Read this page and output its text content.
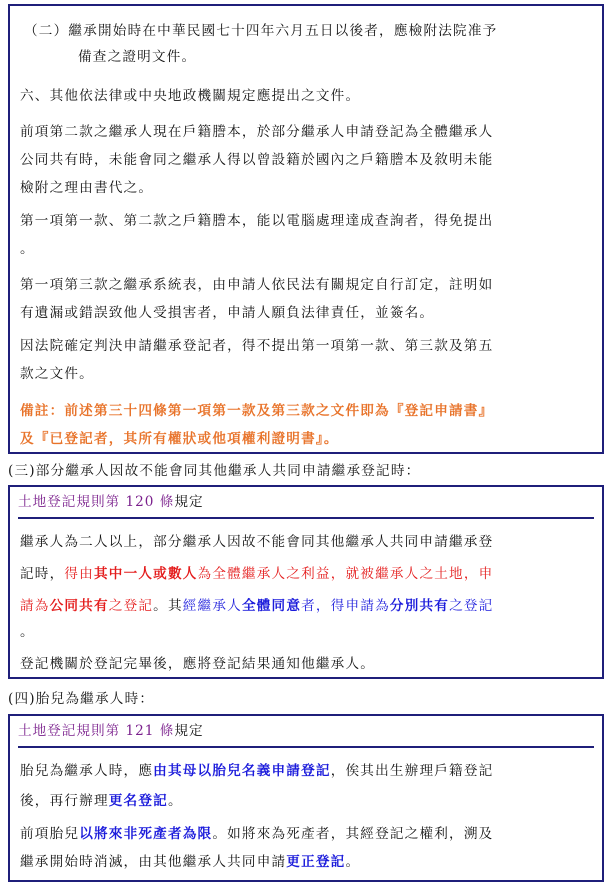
（二）繼承開始時在中華民國七十四年六月五日以後者，應檢附法院准予
備查之證明文件。
六、其他依法律或中央地政機關規定應提出之文件。
前項第二款之繼承人現在戶籍謄本，於部分繼承人申請登記為全體繼承人
公同共有時，未能會同之繼承人得以曾設籍於國內之戶籍謄本及敘明未能
檢附之理由書代之。
第一項第一款、第二款之戶籍謄本，能以電腦處理達成查詢者，得免提出
。
第一項第三款之繼承系統表，由申請人依民法有關規定自行訂定，註明如
有遺漏或錯誤致他人受損害者，申請人願負法律責任，並簽名。
因法院確定判決申請繼承登記者，得不提出第一項第一款、第三款及第五
款之文件。
備註：前述第三十四條第一項第一款及第三款之文件即為『登記申請書』
及『已登記者，其所有權狀或他項權利證明書』。
(三)部分繼承人因故不能會同其他繼承人共同申請繼承登記時：
土地登記規則第 120 條規定
繼承人為二人以上，部分繼承人因故不能會同其他繼承人共同申請繼承登
記時，得由其中一人或數人為全體繼承人之利益，就被繼承人之土地，申
請為公同共有之登記。其經繼承人全體同意者，得申請為分別共有之登記
。
登記機關於登記完畢後，應將登記結果通知他繼承人。
(四)胎兒為繼承人時：
土地登記規則第 121 條規定
胎兒為繼承人時，應由其母以胎兒名義申請登記，俟其出生辦理戶籍登記
後，再行辦理更名登記。
前項胎兒以將來非死產者為限。如將來為死產者，其經登記之權利，溯及
繼承開始時消滅，由其他繼承人共同申請更正登記。
